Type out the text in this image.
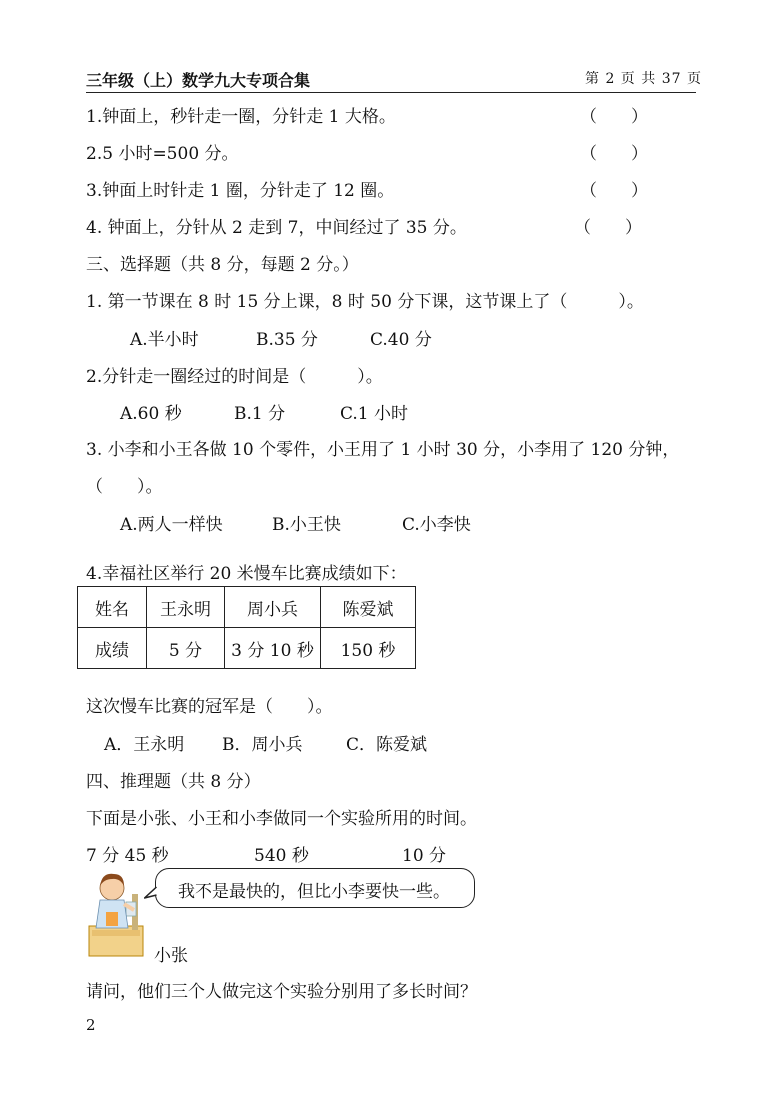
三年级（上）数学九大专项合集	第 2 页 共 37 页
1.钟面上，秒针走一圈，分针走 1 大格。	（　　）
2.5 小时=500 分。	（　　）
3.钟面上时针走 1 圈，分针走了 12 圈。	（　　）
4. 钟面上，分针从 2 走到 7，中间经过了 35 分。	（　　）
三、选择题（共 8 分，每题 2 分。）
1. 第一节课在 8 时 15 分上课，8 时 50 分下课，这节课上了（　　　）。
A.半小时	B.35 分	C.40 分
2.分针走一圈经过的时间是（　　　）。
A.60 秒	B.1 分	C.1 小时
3. 小李和小王各做 10 个零件，小王用了 1 小时 30 分，小李用了 120 分钟，
（　　）。
A.两人一样快	B.小王快	C.小李快
4.幸福社区举行 20 米慢车比赛成绩如下：
姓名	王永明	周小兵	陈爱斌
成绩	5 分	3 分 10 秒	150 秒
这次慢车比赛的冠军是（　　）。
A．王永明 B．周小兵	C．陈爱斌
四、推理题（共 8 分）
下面是小张、小王和小李做同一个实验所用的时间。
7 分 45 秒	540 秒	10 分
我不是最快的，但比小李要快一些。
小张
请问，他们三个人做完这个实验分别用了多长时间？
2
